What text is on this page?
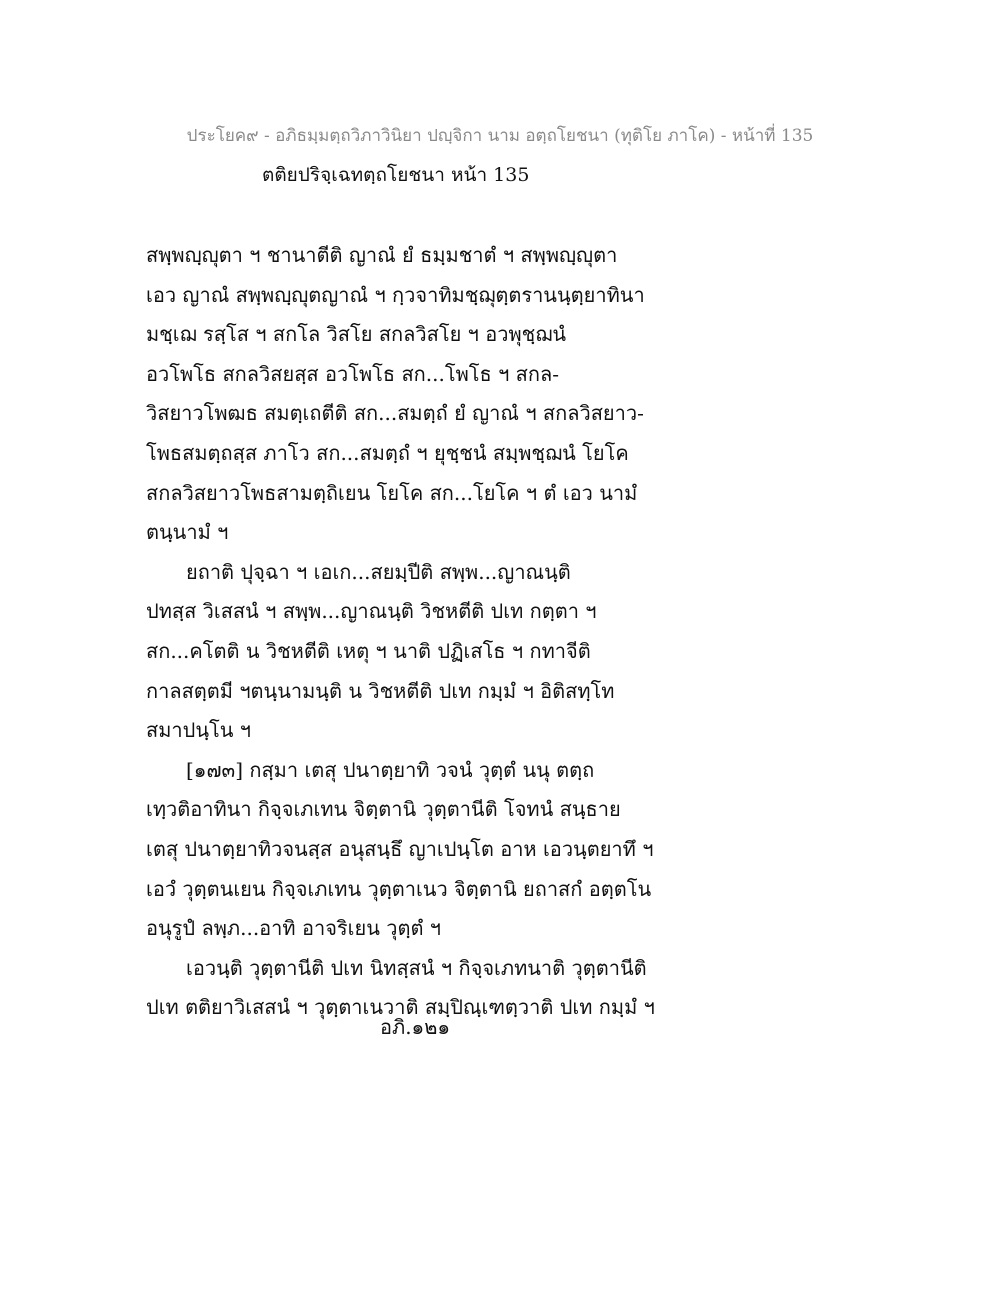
ประโยค๙ - อภิธมฺมตฺถวิภาวินิยา ปญฺจิกา นาม อตฺถโยชนา (ทุติโย ภาโค) - หน้าที่ 135
ตติยปริจฺเฉทตฺถโยชนา หน้า 135
สพฺพญฺญุตา ฯ ชานาตีติ ญาณํ ยํ ธมฺมชาตํ ฯ สพฺพญฺญุตา
เอว ญาณํ สพฺพญฺญุตญาณํ ฯ กฺวจาทิมชฺฌุตฺตรานนฺตฺยาทินา
มชฺเฌ รสฺโส ฯ สกโล วิสโย สกลวิสโย ฯ อวพุชฺฌนํ
อวโพโธ สกลวิสยสฺส อวโพโธ สก...โพโธ ฯ สกล-
วิสยาวโพฒธ สมตฺเถตีติ สก...สมตฺถํ ยํ ญาณํ ฯ สกลวิสยาว-
โพธสมตฺถสฺส ภาโว สก...สมตฺถํ ฯ ยุชฺชนํ สมฺพชฺฌนํ โยโค
สกลวิสยาวโพธสามตฺถิเยน โยโค สก...โยโค ฯ ตํ เอว นามํ
ตนฺนามํ ฯ
ยถาติ ปุจฺฉา ฯ เอเก...สยมฺปีติ สพฺพ...ญาณนฺติ
ปทสฺส วิเสสนํ ฯ สพฺพ...ญาณนฺติ วิชหตีติ ปเท กตฺตา ฯ
สก...คโตติ น วิชหตีติ เหตุ ฯ นาติ ปฏิเสโธ ฯ กทาจีติ
กาลสตฺตมี ฯตนฺนามนฺติ น วิชหตีติ ปเท กมฺมํ ฯ อิติสทฺโท
สมาปนฺโน ฯ
[๑๗๓] กสฺมา เตสุ ปนาตฺยาทิ วจนํ วุตฺตํ นนุ ตตฺถ
เทฺวติอาทินา กิจฺจเภเทน จิตฺตานิ วุตฺตานีติ โจทนํ สนฺธาย
เตสุ ปนาตฺยาทิวจนสฺส อนุสนฺธึ ญาเปนฺโต อาห เอวนฺตยาทึ ฯ
เอวํ วุตฺตนเยน กิจฺจเภเทน วุตฺตาเนว จิตฺตานิ ยถาสกํ อตฺตโน
อนุรูปํ ลพฺภ...อาทิ อาจริเยน วุตฺตํ ฯ
เอวนฺติ วุตฺตานีติ ปเท นิทสฺสนํ ฯ กิจฺจเภทนาติ วุตฺตานีติ
ปเท ตติยาวิเสสนํ ฯ วุตฺตาเนวาติ สมฺปิณฺเฑตฺวาติ ปเท กมฺมํ ฯ
อภิ.๑๒๑
